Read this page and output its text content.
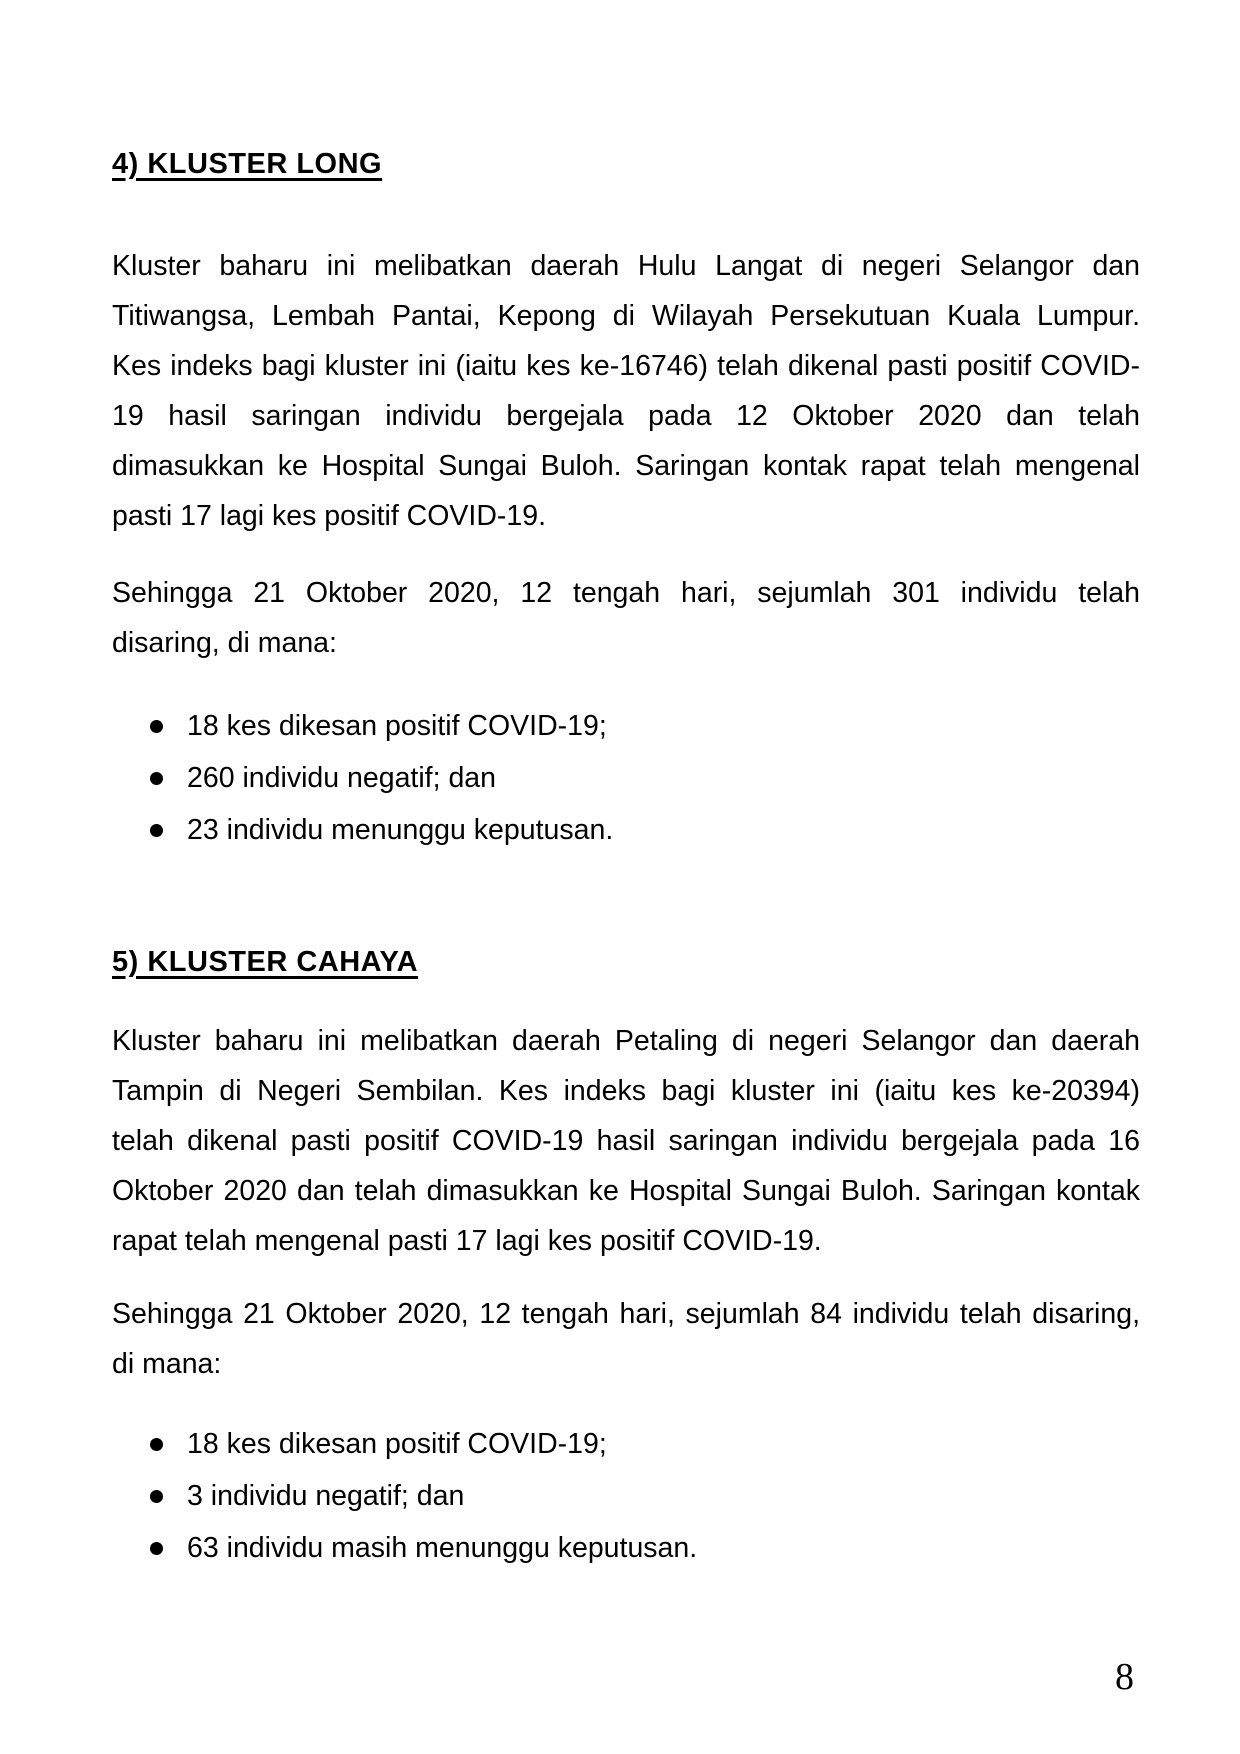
4) KLUSTER LONG
Kluster baharu ini melibatkan daerah Hulu Langat di negeri Selangor dan
Titiwangsa, Lembah Pantai, Kepong di Wilayah Persekutuan Kuala Lumpur.
Kes indeks bagi kluster ini (iaitu kes ke-16746) telah dikenal pasti positif COVID-
19 hasil saringan individu bergejala pada 12 Oktober 2020 dan telah
dimasukkan ke Hospital Sungai Buloh. Saringan kontak rapat telah mengenal
pasti 17 lagi kes positif COVID-19.
Sehingga 21 Oktober 2020, 12 tengah hari, sejumlah 301 individu telah
disaring, di mana:
18 kes dikesan positif COVID-19;
260 individu negatif; dan
23 individu menunggu keputusan.
5) KLUSTER CAHAYA
Kluster baharu ini melibatkan daerah Petaling di negeri Selangor dan daerah
Tampin di Negeri Sembilan. Kes indeks bagi kluster ini (iaitu kes ke-20394)
telah dikenal pasti positif COVID-19 hasil saringan individu bergejala pada 16
Oktober 2020 dan telah dimasukkan ke Hospital Sungai Buloh. Saringan kontak
rapat telah mengenal pasti 17 lagi kes positif COVID-19.
Sehingga 21 Oktober 2020, 12 tengah hari, sejumlah 84 individu telah disaring,
di mana:
18 kes dikesan positif COVID-19;
3 individu negatif; dan
63 individu masih menunggu keputusan.
8
